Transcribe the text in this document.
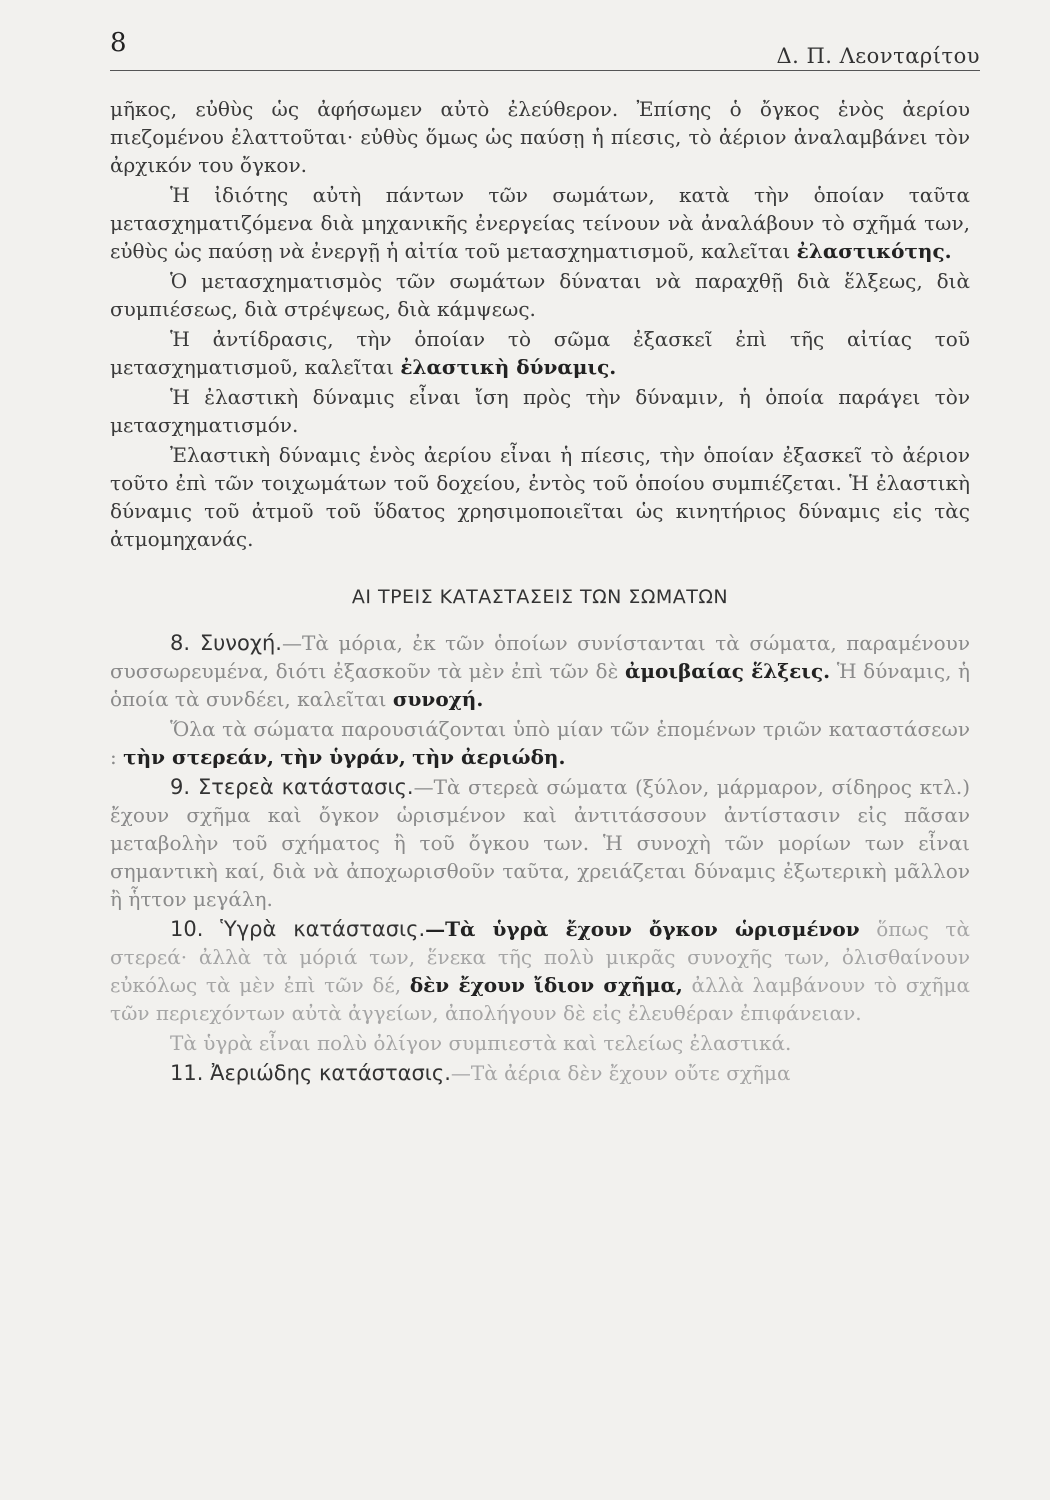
8	Δ. Π. Λεονταρίτου

μῆκος, εὐθὺς ὡς ἀφήσωμεν αὐτὸ ἐλεύθερον. Ἐπίσης ὁ ὄγκος ἑνὸς ἀερίου πιεζομένου ἐλαττοῦται· εὐθὺς ὅμως ὡς παύσῃ ἡ πίεσις, τὸ ἀέριον ἀναλαμβάνει τὸν ἀρχικόν του ὄγκον.

Ἡ ἰδιότης αὐτὴ πάντων τῶν σωμάτων, κατὰ τὴν ὁποίαν ταῦτα μετασχηματιζόμενα διὰ μηχανικῆς ἐνεργείας τείνουν νὰ ἀναλάβουν τὸ σχῆμά των, εὐθὺς ὡς παύσῃ νὰ ἐνεργῇ ἡ αἰτία τοῦ μετασχηματισμοῦ, καλεῖται ἐλαστικότης.

Ὁ μετασχηματισμὸς τῶν σωμάτων δύναται νὰ παραχθῇ διὰ ἕλξεως, διὰ συμπιέσεως, διὰ στρέψεως, διὰ κάμψεως.

Ἡ ἀντίδρασις, τὴν ὁποίαν τὸ σῶμα ἐξασκεῖ ἐπὶ τῆς αἰτίας τοῦ μετασχηματισμοῦ, καλεῖται ἐλαστικὴ δύναμις.

Ἡ ἐλαστικὴ δύναμις εἶναι ἴση πρὸς τὴν δύναμιν, ἡ ὁποία παράγει τὸν μετασχηματισμόν.

Ἐλαστικὴ δύναμις ἑνὸς ἀερίου εἶναι ἡ πίεσις, τὴν ὁποίαν ἐξασκεῖ τὸ ἀέριον τοῦτο ἐπὶ τῶν τοιχωμάτων τοῦ δοχείου, ἐντὸς τοῦ ὁποίου συμπιέζεται. Ἡ ἐλαστικὴ δύναμις τοῦ ἀτμοῦ τοῦ ὕδατος χρησιμοποιεῖται ὡς κινητήριος δύναμις εἰς τὰς ἀτμομηχανάς.

ΑΙ ΤΡΕΙΣ ΚΑΤΑΣΤΑΣΕΙΣ ΤΩΝ ΣΩΜΑΤΩΝ

8. Συνοχή.—Τὰ μόρια, ἐκ τῶν ὁποίων συνίστανται τὰ σώματα, παραμένουν συσσωρευμένα, διότι ἐξασκοῦν τὰ μὲν ἐπὶ τῶν δὲ ἀμοιβαίας ἕλξεις. Ἡ δύναμις, ἡ ὁποία τὰ συνδέει, καλεῖται συνοχή.

Ὅλα τὰ σώματα παρουσιάζονται ὑπὸ μίαν τῶν ἑπομένων τριῶν καταστάσεων : τὴν στερεάν, τὴν ὑγράν, τὴν ἀεριώδη.

9. Στερεὰ κατάστασις.—Τὰ στερεὰ σώματα (ξύλον, μάρμαρον, σίδηρος κτλ.) ἔχουν σχῆμα καὶ ὄγκον ὡρισμένον καὶ ἀντιτάσσουν ἀντίστασιν εἰς πᾶσαν μεταβολὴν τοῦ σχήματος ἢ τοῦ ὄγκου των. Ἡ συνοχὴ τῶν μορίων των εἶναι σημαντικὴ καί, διὰ νὰ ἀποχωρισθοῦν ταῦτα, χρειάζεται δύναμις ἐξωτερικὴ μᾶλλον ἢ ἧττον μεγάλη.

10. Ὑγρὰ κατάστασις.—Τὰ ὑγρὰ ἔχουν ὄγκον ὡρισμένον ὅπως τὰ στερεά· ἀλλὰ τὰ μόριά των, ἕνεκα τῆς πολὺ μικρᾶς συνοχῆς των, ὀλισθαίνουν εὐκόλως τὰ μὲν ἐπὶ τῶν δέ, δὲν ἔχουν ἴδιον σχῆμα, ἀλλὰ λαμβάνουν τὸ σχῆμα τῶν περιεχόντων αὐτὰ ἀγγείων, ἀπολήγουν δὲ εἰς ἐλευθέραν ἐπιφάνειαν.

Τὰ ὑγρὰ εἶναι πολὺ ὀλίγον συμπιεστὰ καὶ τελείως ἐλαστικά.

11. Ἀεριώδης κατάστασις.—Τὰ ἀέρια δὲν ἔχουν οὔτε σχῆμα
